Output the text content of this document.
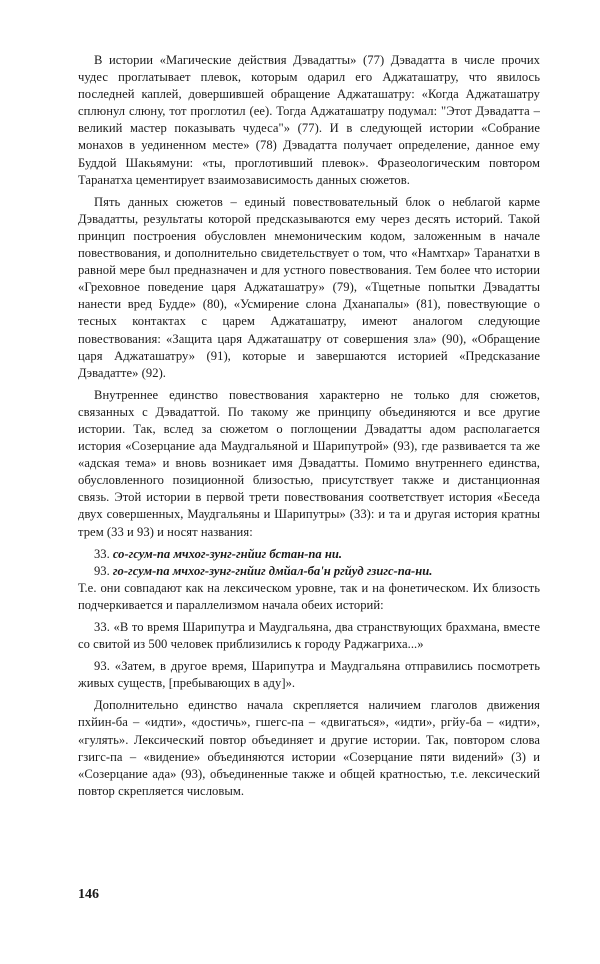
В истории «Магические действия Дэвадатты» (77) Дэвадатта в числе прочих чудес проглатывает плевок, которым одарил его Аджаташатру, что явилось последней каплей, довершившей обращение Аджаташатру: «Когда Аджаташатру сплюнул слюну, тот проглотил (ее). Тогда Аджаташатру подумал: "Этот Дэвадатта – великий мастер показывать чудеса"» (77). И в следующей истории «Собрание монахов в уединенном месте» (78) Дэвадатта получает определение, данное ему Буддой Шакьямуни: «ты, проглотивший плевок». Фразеологическим повтором Таранатха цементирует взаимозависимость данных сюжетов.

Пять данных сюжетов – единый повествовательный блок о неблагой карме Дэвадатты, результаты которой предсказываются ему через десять историй. Такой принцип построения обусловлен мнемоническим кодом, заложенным в начале повествования, и дополнительно свидетельствует о том, что «Намтхар» Таранатхи в равной мере был предназначен и для устного повествования. Тем более что истории «Греховное поведение царя Аджаташатру» (79), «Тщетные попытки Дэвадатты нанести вред Будде» (80), «Усмирение слона Дханапалы» (81), повествующие о тесных контактах с царем Аджаташатру, имеют аналогом следующие повествования: «Защита царя Аджаташатру от совершения зла» (90), «Обращение царя Аджаташатру» (91), которые и завершаются историей «Предсказание Дэвадатте» (92).

Внутреннее единство повествования характерно не только для сюжетов, связанных с Дэвадаттой. По такому же принципу объединяются и все другие истории. Так, вслед за сюжетом о поглощении Дэвадатты адом располагается история «Созерцание ада Маудгальяной и Шарипутрой» (93), где развивается та же «адская тема» и вновь возникает имя Дэвадатты. Помимо внутреннего единства, обусловленного позиционной близостью, присутствует также и дистанционная связь. Этой истории в первой трети повествования соответствует история «Беседа двух совершенных, Маудгальяны и Шарипутры» (33): и та и другая история кратны трем (33 и 93) и носят названия:

33. со-гсум-па мчхог-зунг-гнйиг бстан-па ни.

93. го-гсум-па мчхог-зунг-гнйиг дмйал-ба'н ргйуд гзигс-па-ни.

Т.е. они совпадают как на лексическом уровне, так и на фонетическом. Их близость подчеркивается и параллелизмом начала обеих историй:

33. «В то время Шарипутра и Маудгальяна, два странствующих брахмана, вместе со свитой из 500 человек приблизились к городу Раджагриха...»

93. «Затем, в другое время, Шарипутра и Маудгальяна отправились посмотреть живых существ, [пребывающих в аду]».

Дополнительно единство начала скрепляется наличием глаголов движения пхйин-ба – «идти», «достичь», гшегс-па – «двигаться», «идти», ргйу-ба – «идти», «гулять». Лексический повтор объединяет и другие истории. Так, повтором слова гзигс-па – «видение» объединяются истории «Созерцание пяти видений» (3) и «Созерцание ада» (93), объединенные также и общей кратностью, т.е. лексический повтор скрепляется числовым.

146
